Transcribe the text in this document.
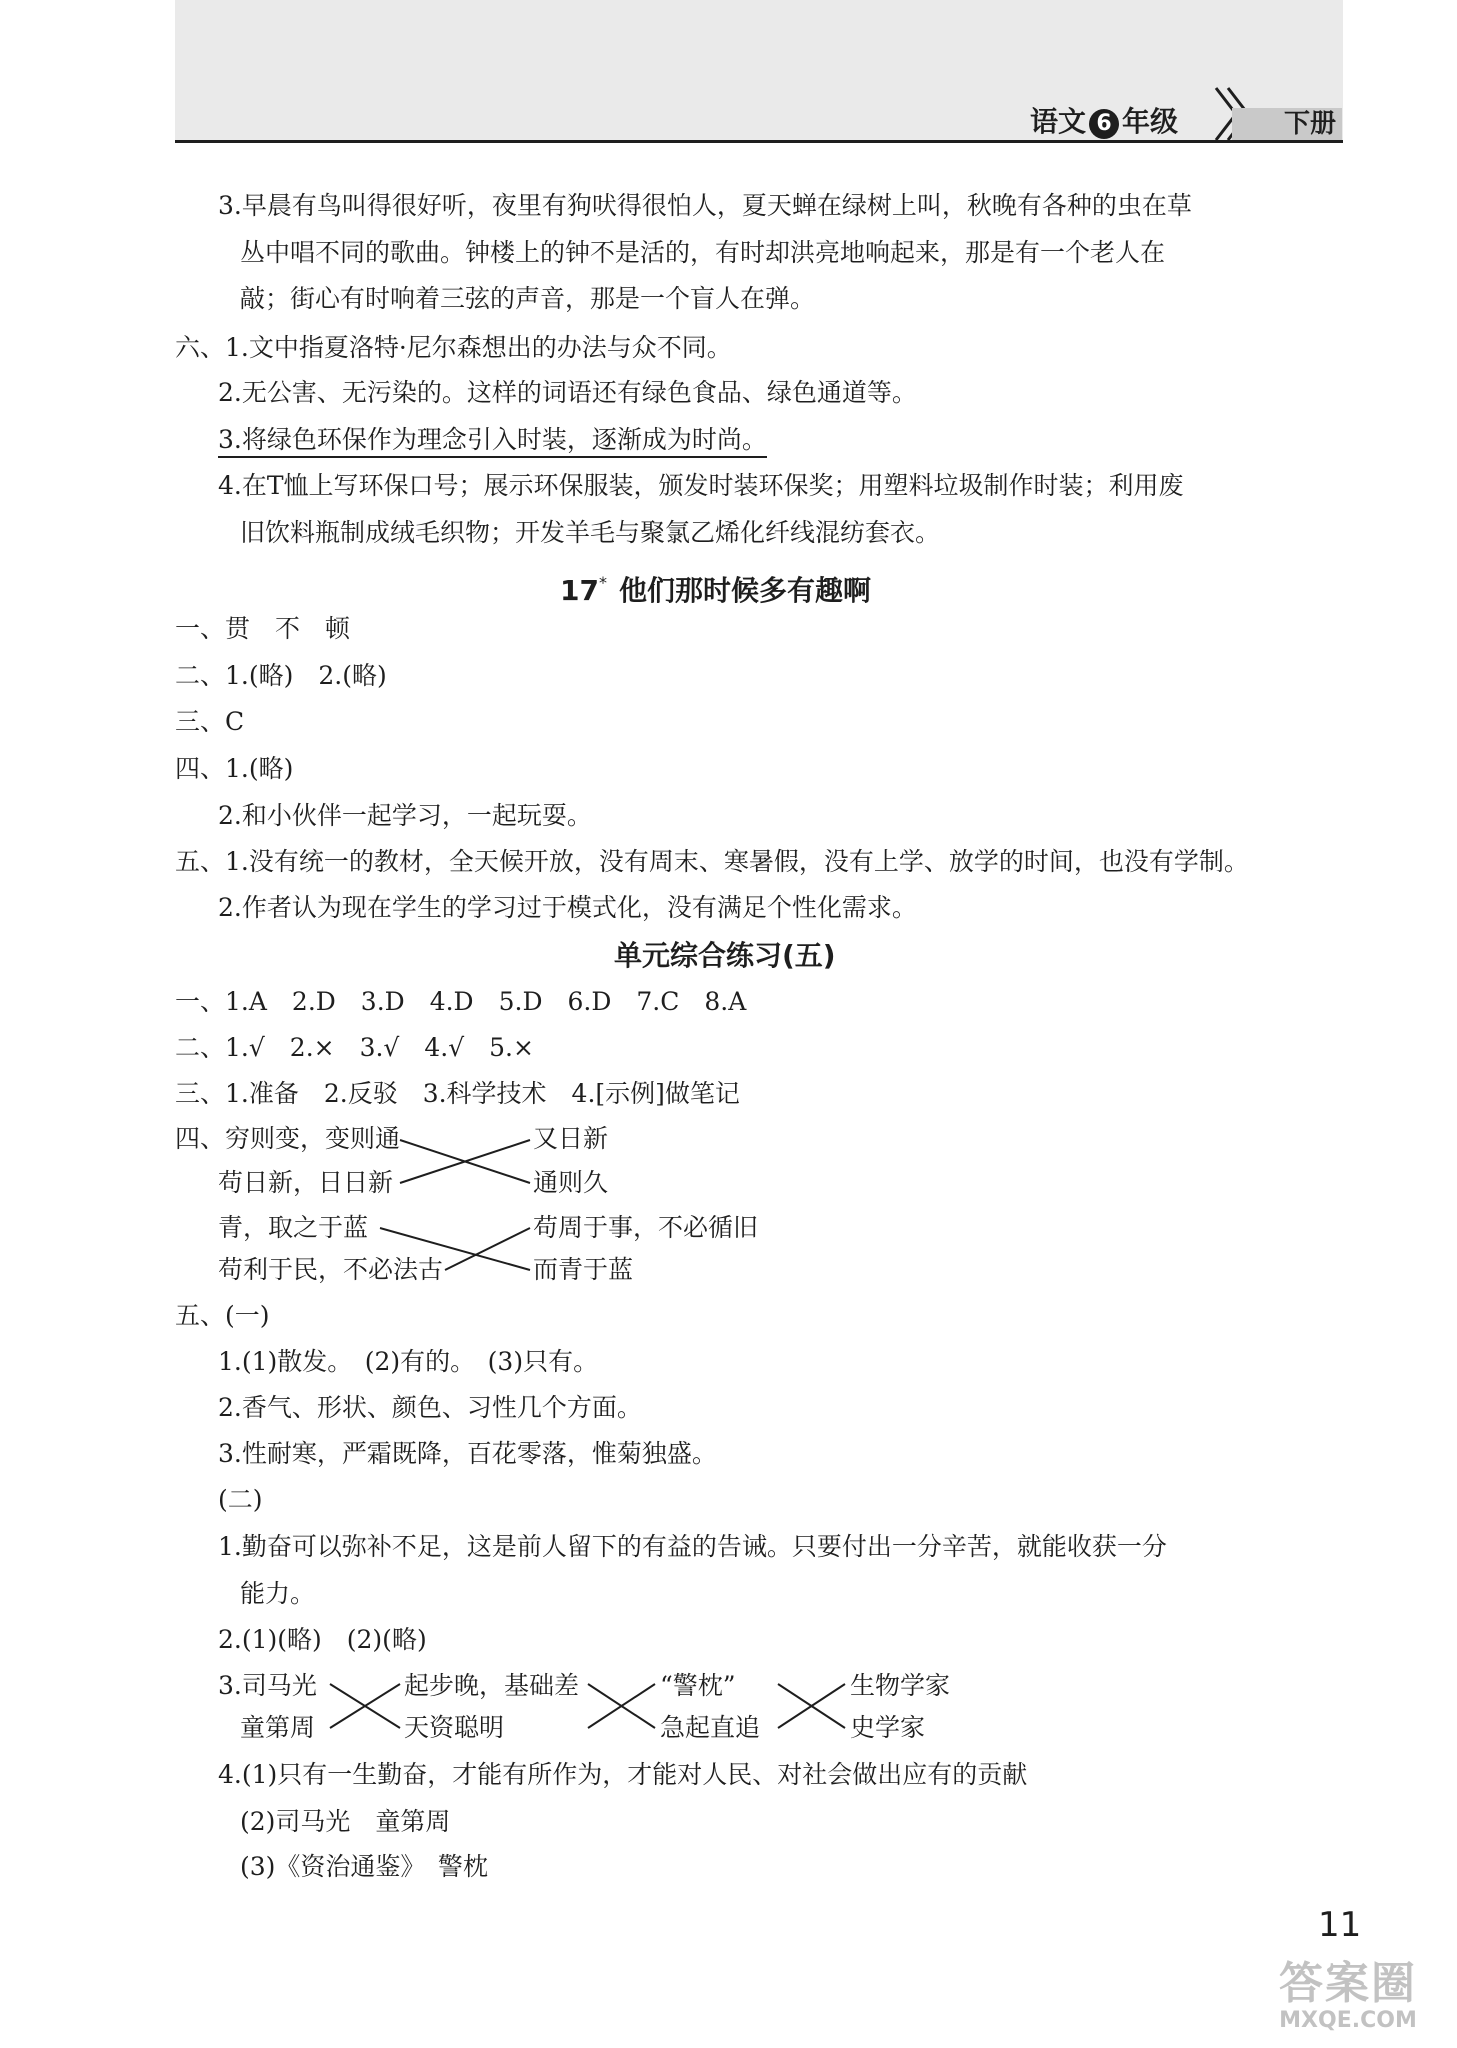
语文 6 年级	下册
3.早晨有鸟叫得很好听，夜里有狗吠得很怕人，夏天蝉在绿树上叫，秋晚有各种的虫在草
丛中唱不同的歌曲。钟楼上的钟不是活的，有时却洪亮地响起来，那是有一个老人在
敲；街心有时响着三弦的声音，那是一个盲人在弹。
六、1.文中指夏洛特·尼尔森想出的办法与众不同。
2.无公害、无污染的。这样的词语还有绿色食品、绿色通道等。
3.将绿色环保作为理念引入时装，逐渐成为时尚。
4.在T恤上写环保口号；展示环保服装，颁发时装环保奖；用塑料垃圾制作时装；利用废
旧饮料瓶制成绒毛织物；开发羊毛与聚氯乙烯化纤线混纺套衣。
17* 他们那时候多有趣啊
一、贯　不　顿
二、1.(略)　2.(略)
三、C
四、1.(略)
2.和小伙伴一起学习，一起玩耍。
五、1.没有统一的教材，全天候开放，没有周末、寒暑假，没有上学、放学的时间，也没有学制。
2.作者认为现在学生的学习过于模式化，没有满足个性化需求。
单元综合练习(五)
一、1.A　2.D　3.D　4.D　5.D　6.D　7.C　8.A
二、1.√　2.×　3.√　4.√　5.×
三、1.准备　2.反驳　3.科学技术　4.[示例]做笔记
四、穷则变，变则通
苟日新，日日新
青，取之于蓝
苟利于民，不必法古
又日新
通则久
苟周于事，不必循旧
而青于蓝
五、(一)
1.(1)散发。　(2)有的。　(3)只有。
2.香气、形状、颜色、习性几个方面。
3.性耐寒，严霜既降，百花零落，惟菊独盛。
(二)
1.勤奋可以弥补不足，这是前人留下的有益的告诫。只要付出一分辛苦，就能收获一分
能力。
2.(1)(略)　(2)(略)
3.司马光
童第周
起步晚，基础差
天资聪明
“警枕”
急起直追
生物学家
史学家
4.(1)只有一生勤奋，才能有所作为，才能对人民、对社会做出应有的贡献
(2)司马光　童第周
(3)《资治通鉴》　警枕
11
答案圈
MXQE.COM
